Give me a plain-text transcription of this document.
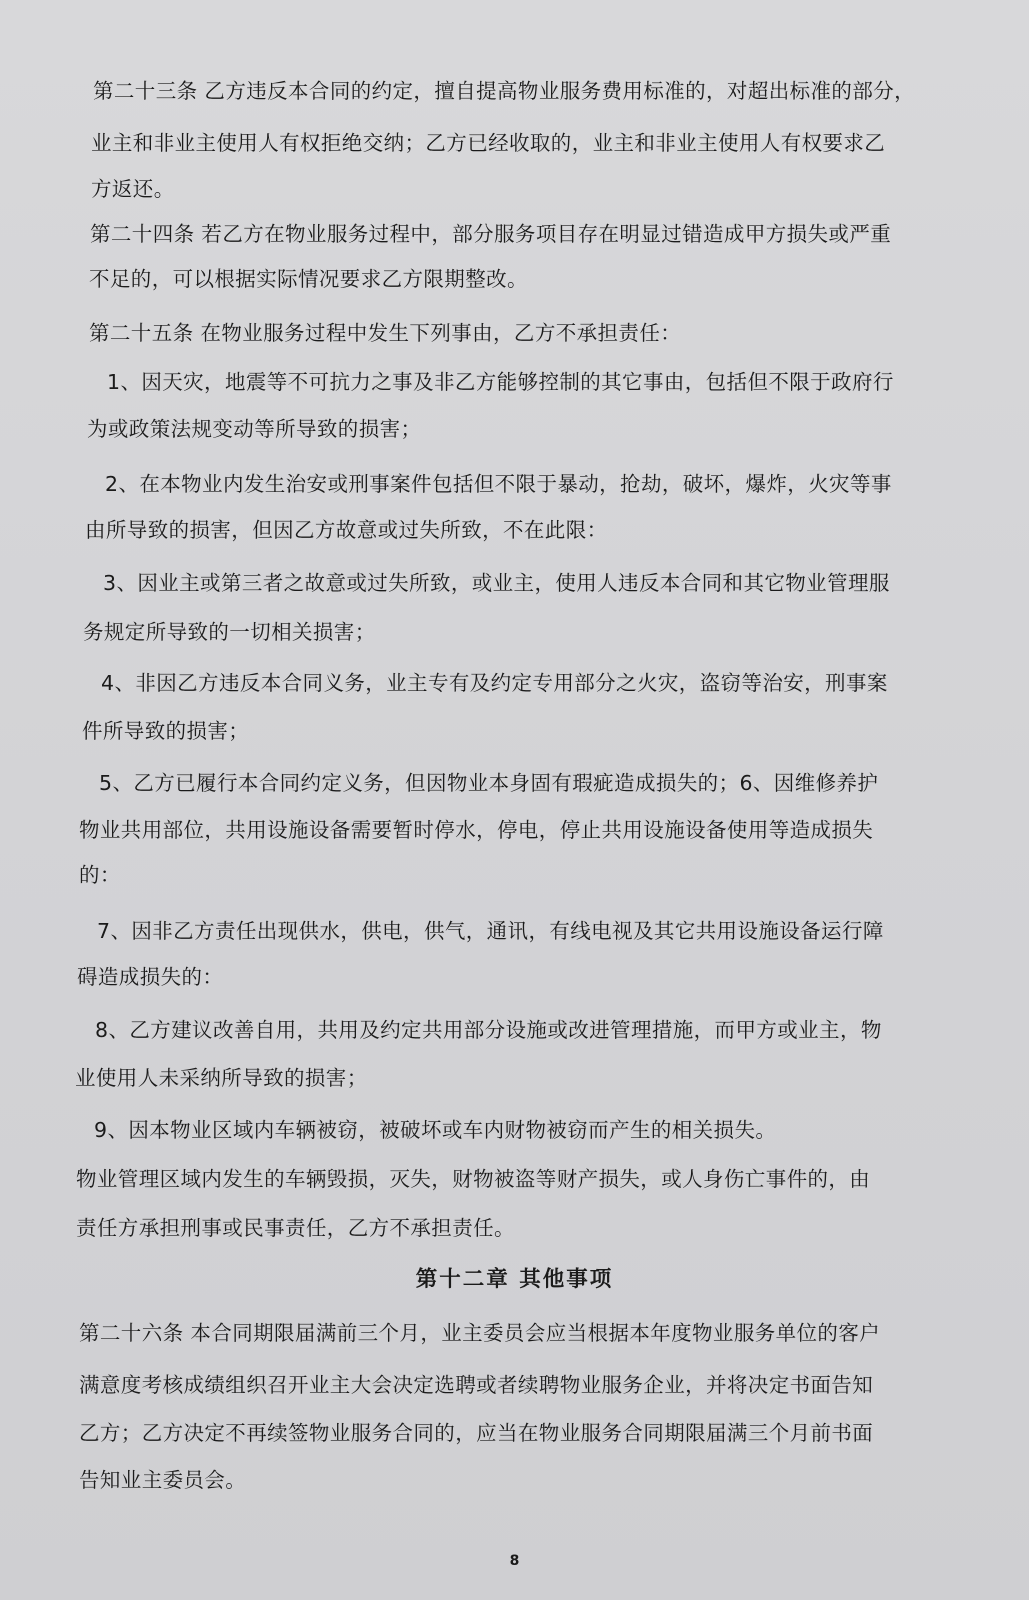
第二十三条 乙方违反本合同的约定，擅自提高物业服务费用标准的，对超出标准的部分，
业主和非业主使用人有权拒绝交纳；乙方已经收取的，业主和非业主使用人有权要求乙
方返还。
第二十四条 若乙方在物业服务过程中，部分服务项目存在明显过错造成甲方损失或严重
不足的，可以根据实际情况要求乙方限期整改。
第二十五条 在物业服务过程中发生下列事由，乙方不承担责任：
1、因天灾，地震等不可抗力之事及非乙方能够控制的其它事由，包括但不限于政府行
为或政策法规变动等所导致的损害；
2、在本物业内发生治安或刑事案件包括但不限于暴动，抢劫，破坏，爆炸，火灾等事
由所导致的损害，但因乙方故意或过失所致，不在此限：
3、因业主或第三者之故意或过失所致，或业主，使用人违反本合同和其它物业管理服
务规定所导致的一切相关损害；
4、非因乙方违反本合同义务，业主专有及约定专用部分之火灾，盗窃等治安，刑事案
件所导致的损害；
5、乙方已履行本合同约定义务，但因物业本身固有瑕疵造成损失的；6、因维修养护
物业共用部位，共用设施设备需要暂时停水，停电，停止共用设施设备使用等造成损失
的：
7、因非乙方责任出现供水，供电，供气，通讯，有线电视及其它共用设施设备运行障
碍造成损失的：
8、乙方建议改善自用，共用及约定共用部分设施或改进管理措施，而甲方或业主，物
业使用人未采纳所导致的损害；
9、因本物业区域内车辆被窃，被破坏或车内财物被窃而产生的相关损失。
物业管理区域内发生的车辆毁损，灭失，财物被盗等财产损失，或人身伤亡事件的，由
责任方承担刑事或民事责任，乙方不承担责任。
第十二章 其他事项
第二十六条 本合同期限届满前三个月，业主委员会应当根据本年度物业服务单位的客户
满意度考核成绩组织召开业主大会决定选聘或者续聘物业服务企业，并将决定书面告知
乙方；乙方决定不再续签物业服务合同的，应当在物业服务合同期限届满三个月前书面
告知业主委员会。
8
